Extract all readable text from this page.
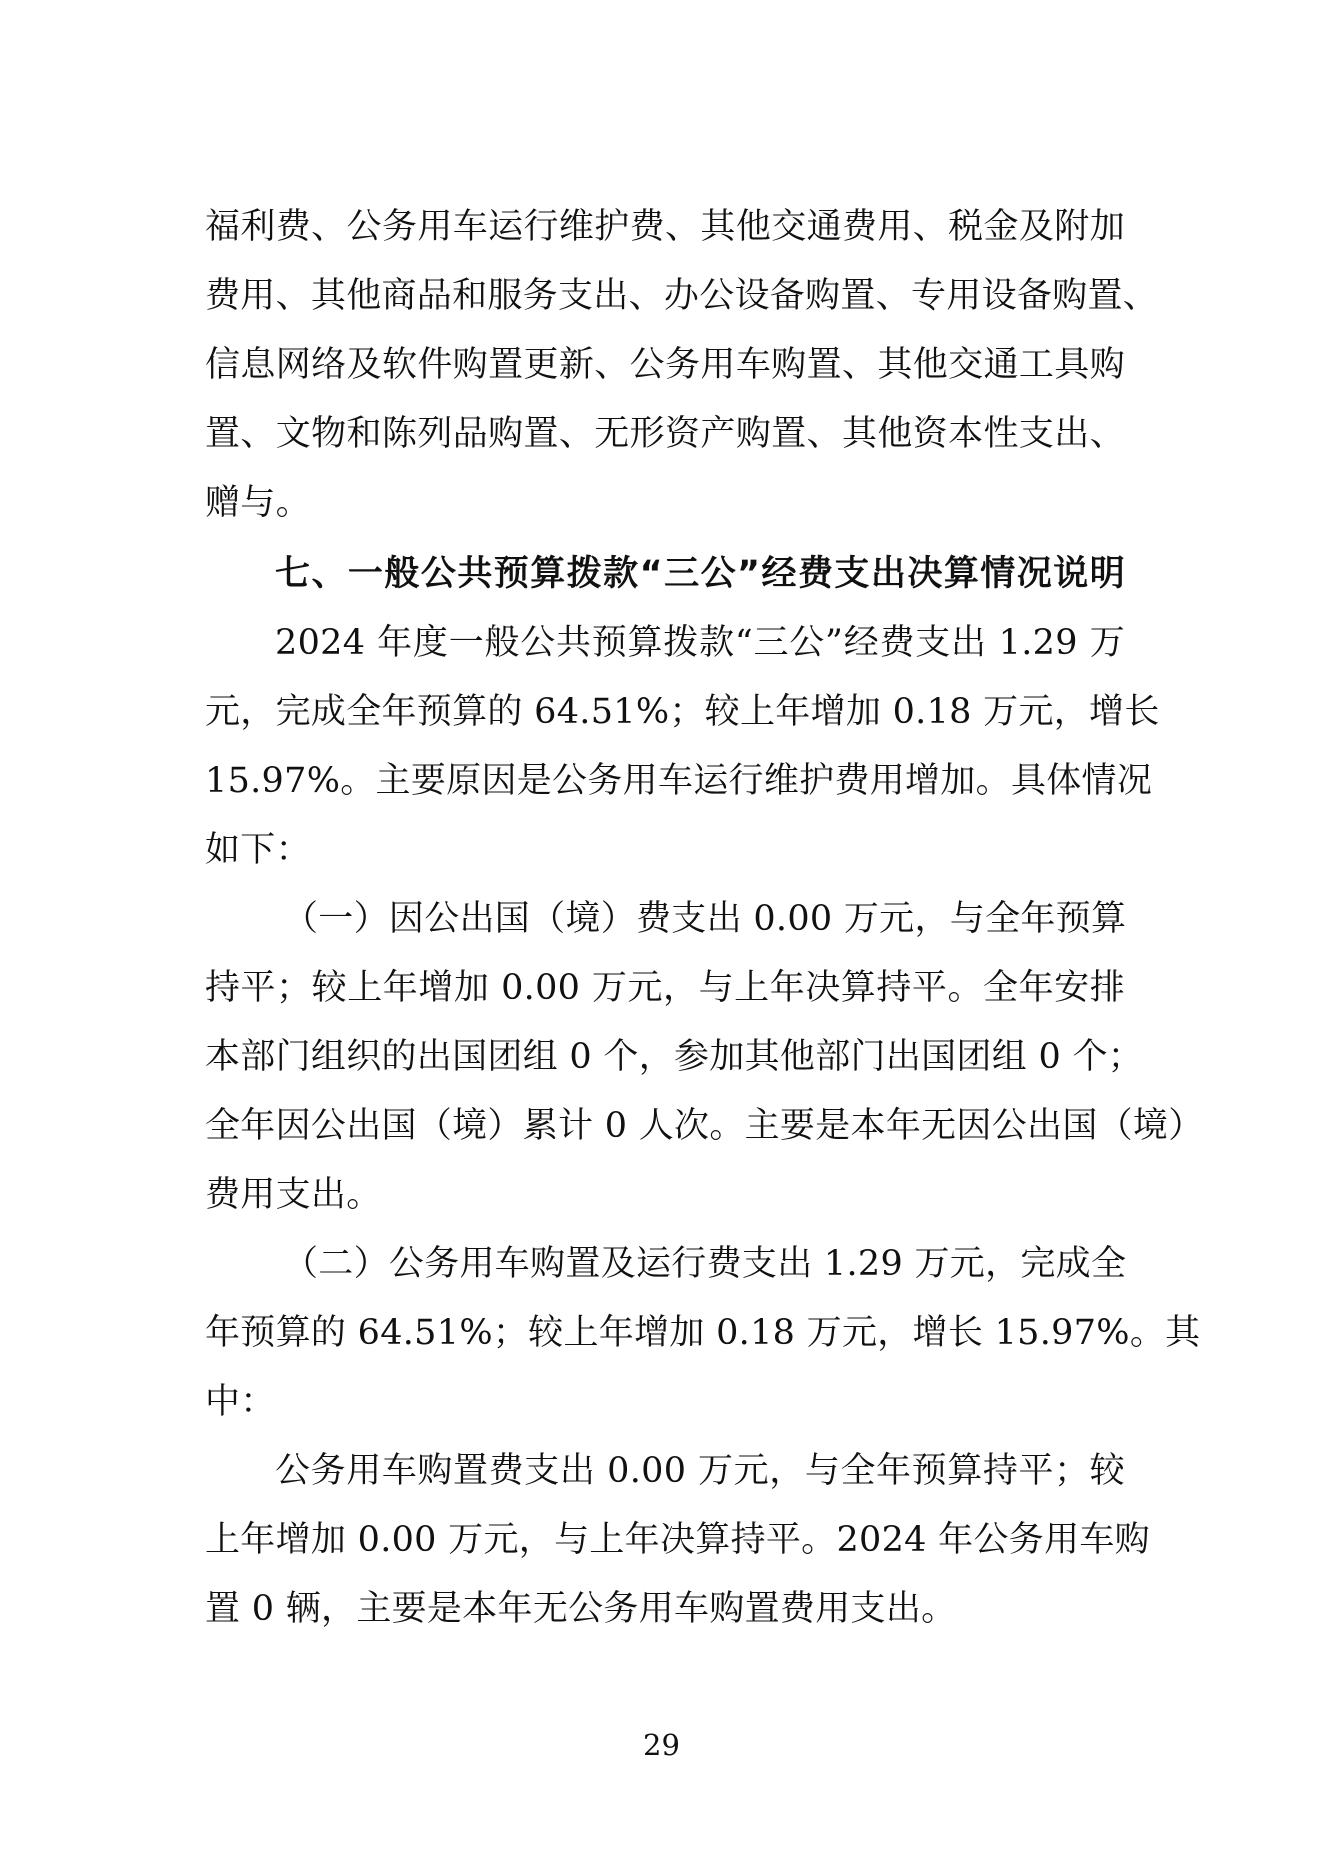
福利费、公务用车运行维护费、其他交通费用、税金及附加
费用、其他商品和服务支出、办公设备购置、专用设备购置、
信息网络及软件购置更新、公务用车购置、其他交通工具购
置、文物和陈列品购置、无形资产购置、其他资本性支出、
赠与。
七、一般公共预算拨款“三公”经费支出决算情况说明
2024 年度一般公共预算拨款“三公”经费支出 1.29 万
元，完成全年预算的 64.51%；较上年增加 0.18 万元，增长
15.97%。主要原因是公务用车运行维护费用增加。具体情况
如下：
（一）因公出国（境）费支出 0.00 万元，与全年预算
持平；较上年增加 0.00 万元，与上年决算持平。全年安排
本部门组织的出国团组 0 个，参加其他部门出国团组 0 个；
全年因公出国（境）累计 0 人次。主要是本年无因公出国（境）
费用支出。
（二）公务用车购置及运行费支出 1.29 万元，完成全
年预算的 64.51%；较上年增加 0.18 万元，增长 15.97%。其
中：
公务用车购置费支出 0.00 万元，与全年预算持平；较
上年增加 0.00 万元，与上年决算持平。2024 年公务用车购
置 0 辆，主要是本年无公务用车购置费用支出。
29
